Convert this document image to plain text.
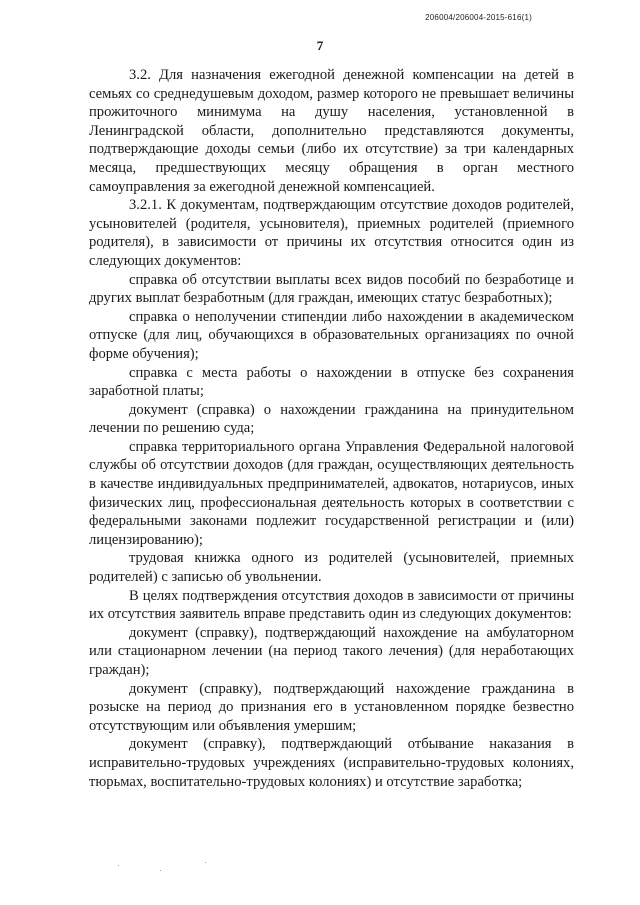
206004/206004-2015-616(1)
7

3.2. Для назначения ежегодной денежной компенсации на детей в семьях со среднедушевым доходом, размер которого не превышает величины прожиточного минимума на душу населения, установленной в Ленинградской области, дополнительно представляются документы, подтверждающие доходы семьи (либо их отсутствие) за три календарных месяца, предшествующих месяцу обращения в орган местного самоуправления за ежегодной денежной компенсацией.

3.2.1. К документам, подтверждающим отсутствие доходов родителей, усыновителей (родителя, усыновителя), приемных родителей (приемного родителя), в зависимости от причины их отсутствия относится один из следующих документов:

справка об отсутствии выплаты всех видов пособий по безработице и других выплат безработным (для граждан, имеющих статус безработных);

справка о неполучении стипендии либо нахождении в академическом отпуске (для лиц, обучающихся в образовательных организациях по очной форме обучения);

справка с места работы о нахождении в отпуске без сохранения заработной платы;

документ (справка) о нахождении гражданина на принудительном лечении по решению суда;

справка территориального органа Управления Федеральной налоговой службы об отсутствии доходов (для граждан, осуществляющих деятельность в качестве индивидуальных предпринимателей, адвокатов, нотариусов, иных физических лиц, профессиональная деятельность которых в соответствии с федеральными законами подлежит государственной регистрации и (или) лицензированию);

трудовая книжка одного из родителей (усыновителей, приемных родителей) с записью об увольнении.

В целях подтверждения отсутствия доходов в зависимости от причины их отсутствия заявитель вправе представить один из следующих документов:

документ (справку), подтверждающий нахождение на амбулаторном или стационарном лечении (на период такого лечения) (для неработающих граждан);

документ (справку), подтверждающий нахождение гражданина в розыске на период до признания его в установленном порядке безвестно отсутствующим или объявления умершим;

документ (справку), подтверждающий отбывание наказания в исправительно-трудовых учреждениях (исправительно-трудовых колониях, тюрьмах, воспитательно-трудовых колониях) и отсутствие заработка;
